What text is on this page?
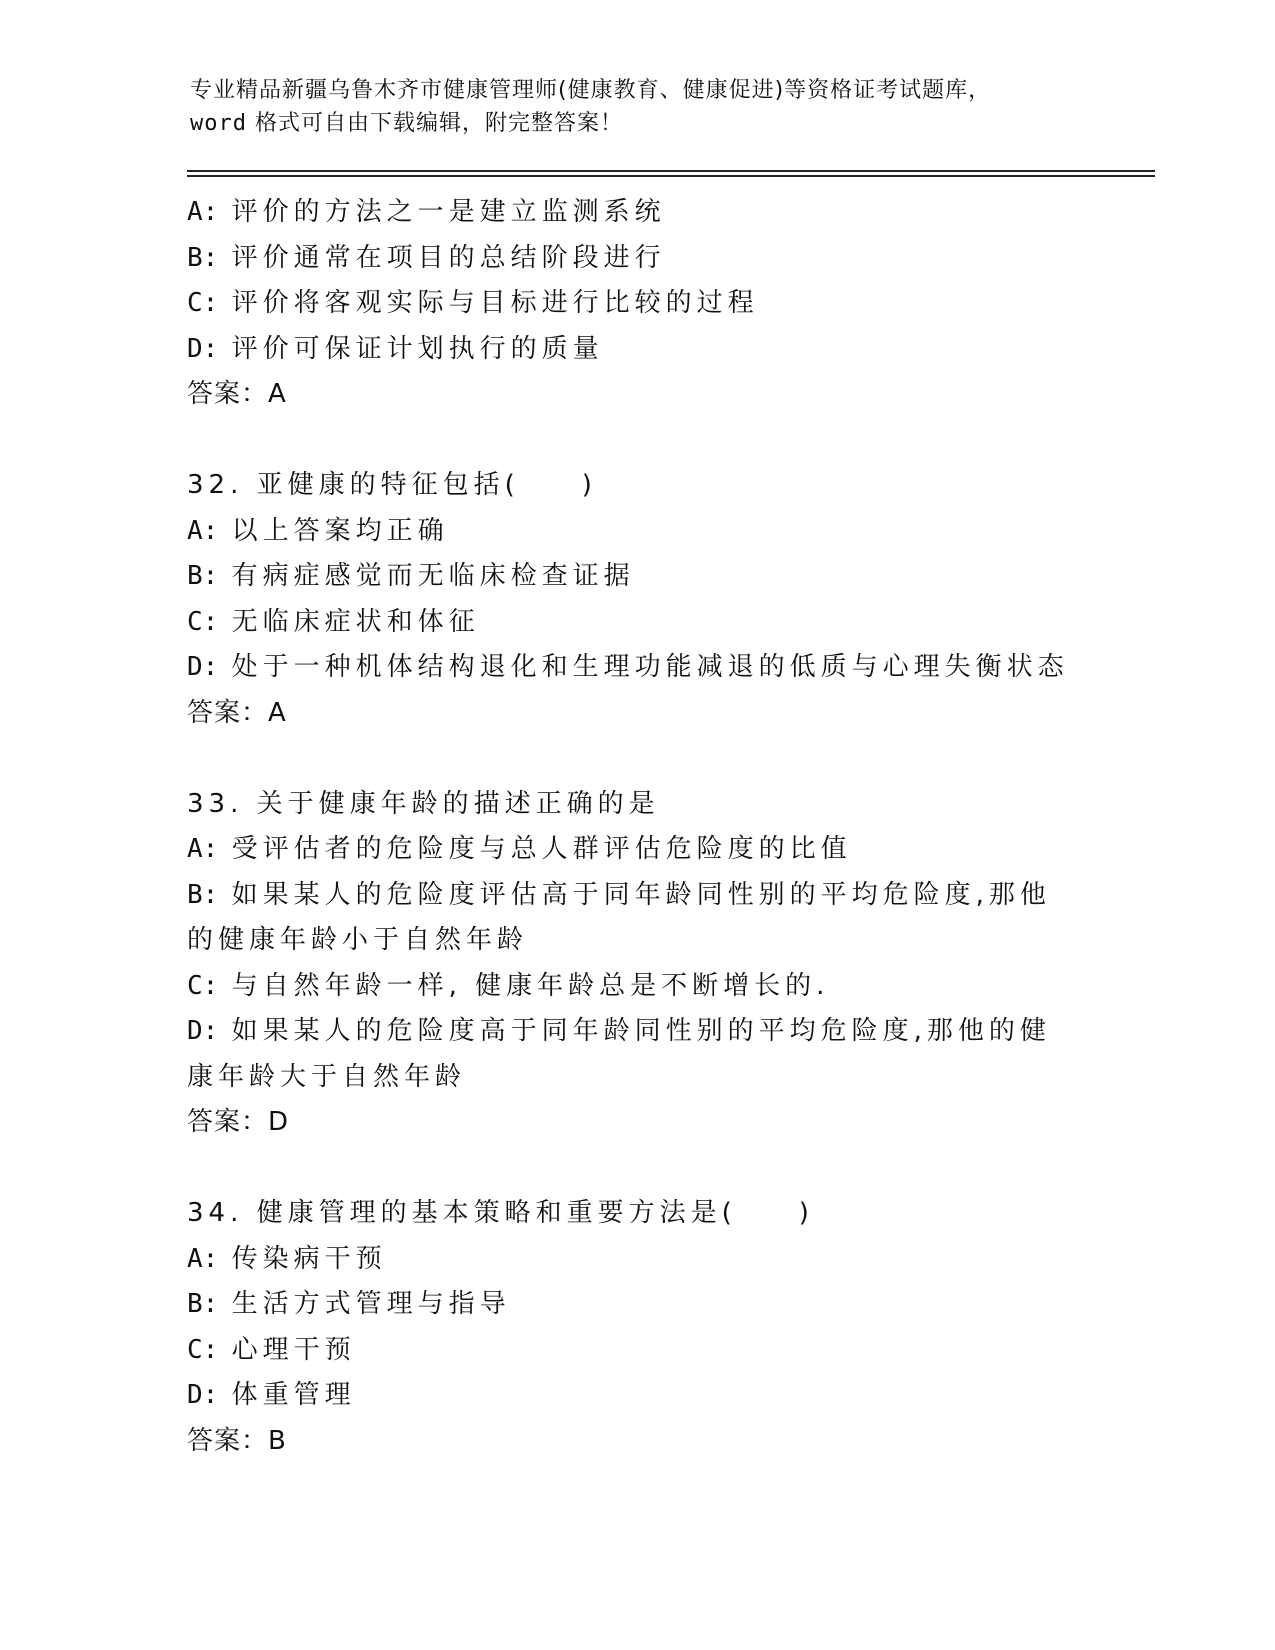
专业精品新疆乌鲁木齐市健康管理师(健康教育、健康促进)等资格证考试题库，
word 格式可自由下载编辑，附完整答案！
A: 评价的方法之一是建立监测系统
B: 评价通常在项目的总结阶段进行
C: 评价将客观实际与目标进行比较的过程
D: 评价可保证计划执行的质量
答案：A
32. 亚健康的特征包括(　　)
A: 以上答案均正确
B: 有病症感觉而无临床检查证据
C: 无临床症状和体征
D: 处于一种机体结构退化和生理功能减退的低质与心理失衡状态
答案：A
33. 关于健康年龄的描述正确的是
A: 受评估者的危险度与总人群评估危险度的比值
B: 如果某人的危险度评估高于同年龄同性别的平均危险度,那他的健康年龄小于自然年龄
C: 与自然年龄一样, 健康年龄总是不断增长的.
D: 如果某人的危险度高于同年龄同性别的平均危险度,那他的健康年龄大于自然年龄
答案：D
34. 健康管理的基本策略和重要方法是(　　)
A: 传染病干预
B: 生活方式管理与指导
C: 心理干预
D: 体重管理
答案：B
